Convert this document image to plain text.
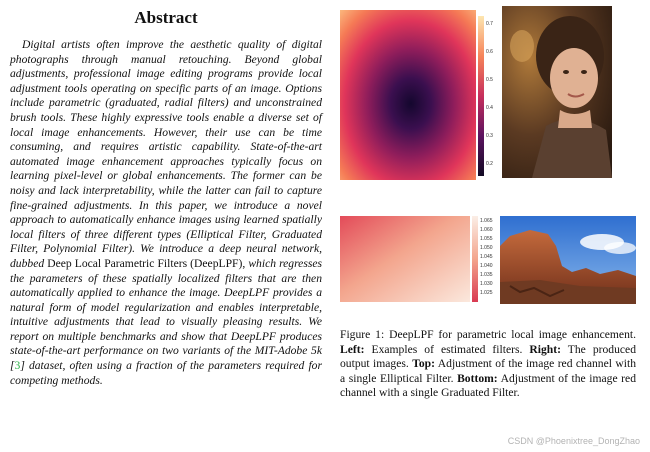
Abstract

Digital artists often improve the aesthetic quality of digital photographs through manual retouching. Beyond global adjustments, professional image editing programs provide local adjustment tools operating on specific parts of an image. Options include parametric (graduated, radial filters) and unconstrained brush tools. These highly expressive tools enable a diverse set of local image enhancements. However, their use can be time consuming, and requires artistic capability. State-of-the-art automated image enhancement approaches typically focus on learning pixel-level or global enhancements. The former can be noisy and lack interpretability, while the latter can fail to capture fine-grained adjustments. In this paper, we introduce a novel approach to automatically enhance images using learned spatially local filters of three different types (Elliptical Filter, Graduated Filter, Polynomial Filter). We introduce a deep neural network, dubbed Deep Local Parametric Filters (DeepLPF), which regresses the parameters of these spatially localized filters that are then automatically applied to enhance the image. DeepLPF provides a natural form of model regularization and enables interpretable, intuitive adjustments that lead to visually pleasing results. We report on multiple benchmarks and show that DeepLPF produces state-of-the-art performance on two variants of the MIT-Adobe 5k [3] dataset, often using a fraction of the parameters required for competing methods.

0.7
0.6
0.5
0.4
0.3
0.2
1.065
1.060
1.055
1.050
1.045
1.040
1.035
1.030
1.025
Figure 1: DeepLPF for parametric local image enhancement. Left: Examples of estimated filters. Right: The produced output images. Top: Adjustment of the image red channel with a single Elliptical Filter. Bottom: Adjustment of the image red channel with a single Graduated Filter.
CSDN @Phoenixtree_DongZhao
